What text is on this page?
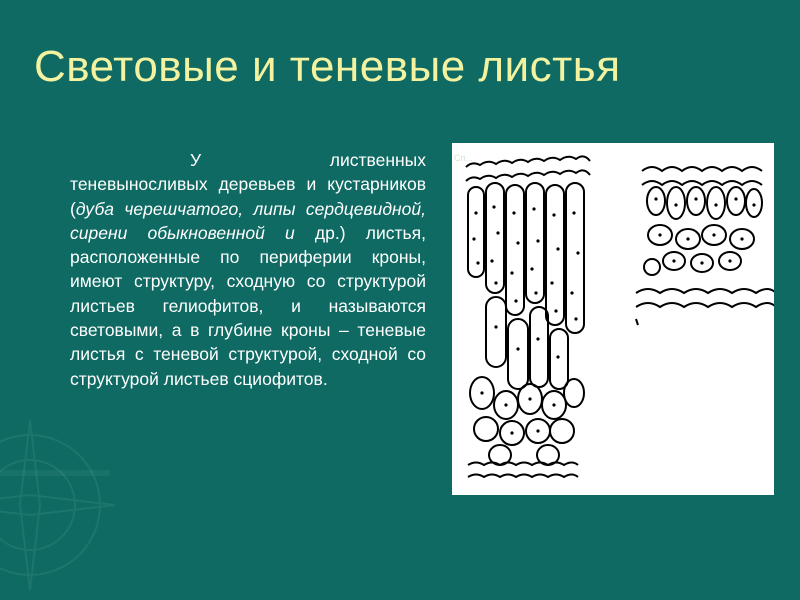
Световые и теневые листья
У лиственных теневыносливых деревьев и кустарников (дуба черешчатого, липы сердцевидной, сирени обыкновенной и др.) листья, расположенные по периферии кроны, имеют структуру, сходную со структурой листьев гелиофитов, и называются световыми, а в глубине кроны – теневые листья с теневой структурой, сходной со структурой листьев сциофитов.
Сп...
